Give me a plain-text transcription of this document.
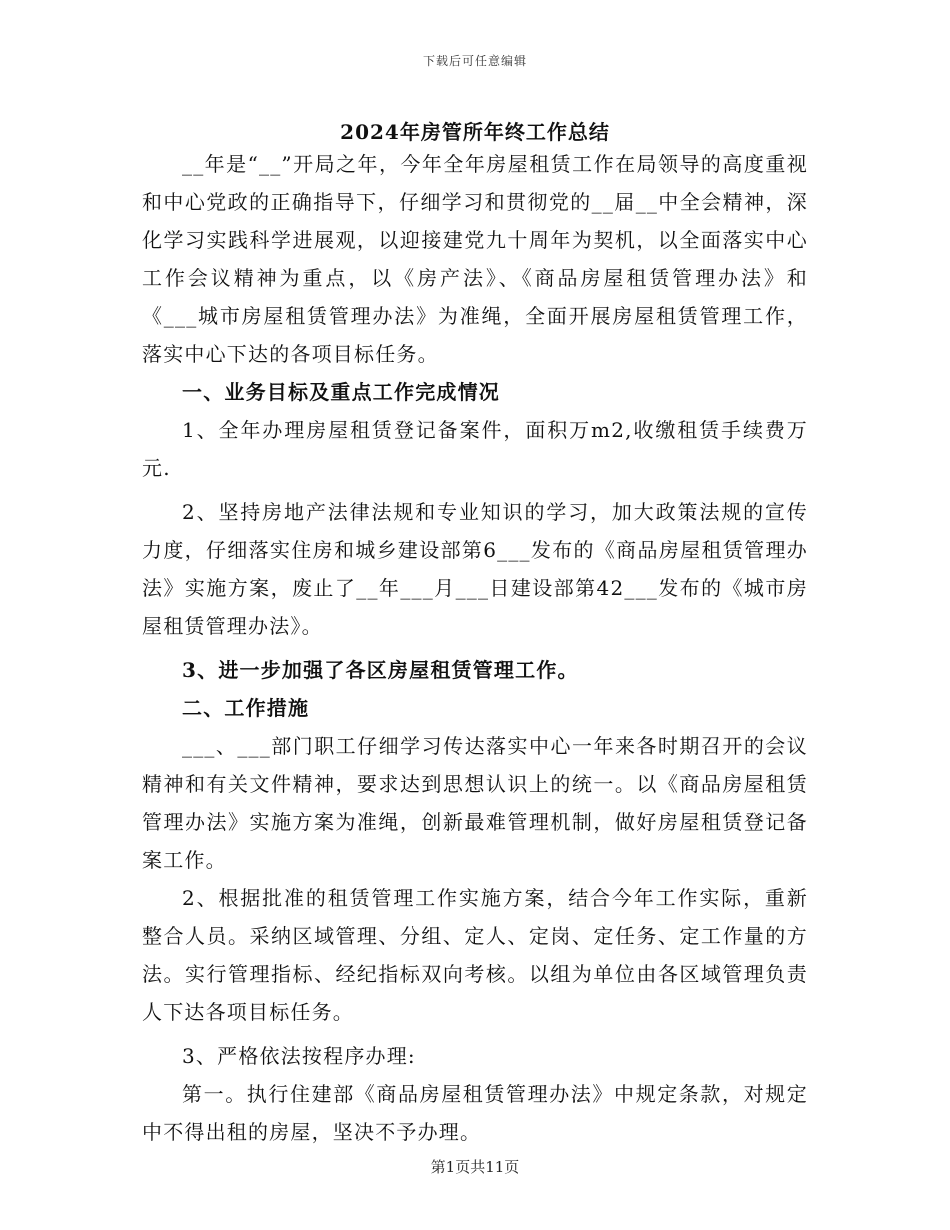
下载后可任意编辑
2024年房管所年终工作总结

__年是“__”开局之年，今年全年房屋租赁工作在局领导的高度重视和中心党政的正确指导下，仔细学习和贯彻党的__届__中全会精神，深化学习实践科学进展观，以迎接建党九十周年为契机，以全面落实中心工作会议精神为重点，以《房产法》、《商品房屋租赁管理办法》和《___城市房屋租赁管理办法》为准绳，全面开展房屋租赁管理工作，落实中心下达的各项目标任务。

一、业务目标及重点工作完成情况

1、全年办理房屋租赁登记备案件，面积万m2,收缴租赁手续费万元.

2、坚持房地产法律法规和专业知识的学习，加大政策法规的宣传力度，仔细落实住房和城乡建设部第6___发布的《商品房屋租赁管理办法》实施方案，废止了__年___月___日建设部第42___发布的《城市房屋租赁管理办法》。

3、进一步加强了各区房屋租赁管理工作。

二、工作措施

___、___部门职工仔细学习传达落实中心一年来各时期召开的会议精神和有关文件精神，要求达到思想认识上的统一。以《商品房屋租赁管理办法》实施方案为准绳，创新最难管理机制，做好房屋租赁登记备案工作。

2、根据批准的租赁管理工作实施方案，结合今年工作实际，重新整合人员。采纳区域管理、分组、定人、定岗、定任务、定工作量的方法。实行管理指标、经纪指标双向考核。以组为单位由各区域管理负责人下达各项目标任务。

3、严格依法按程序办理:

第一。执行住建部《商品房屋租赁管理办法》中规定条款，对规定中不得出租的房屋，坚决不予办理。

第1页共11页
